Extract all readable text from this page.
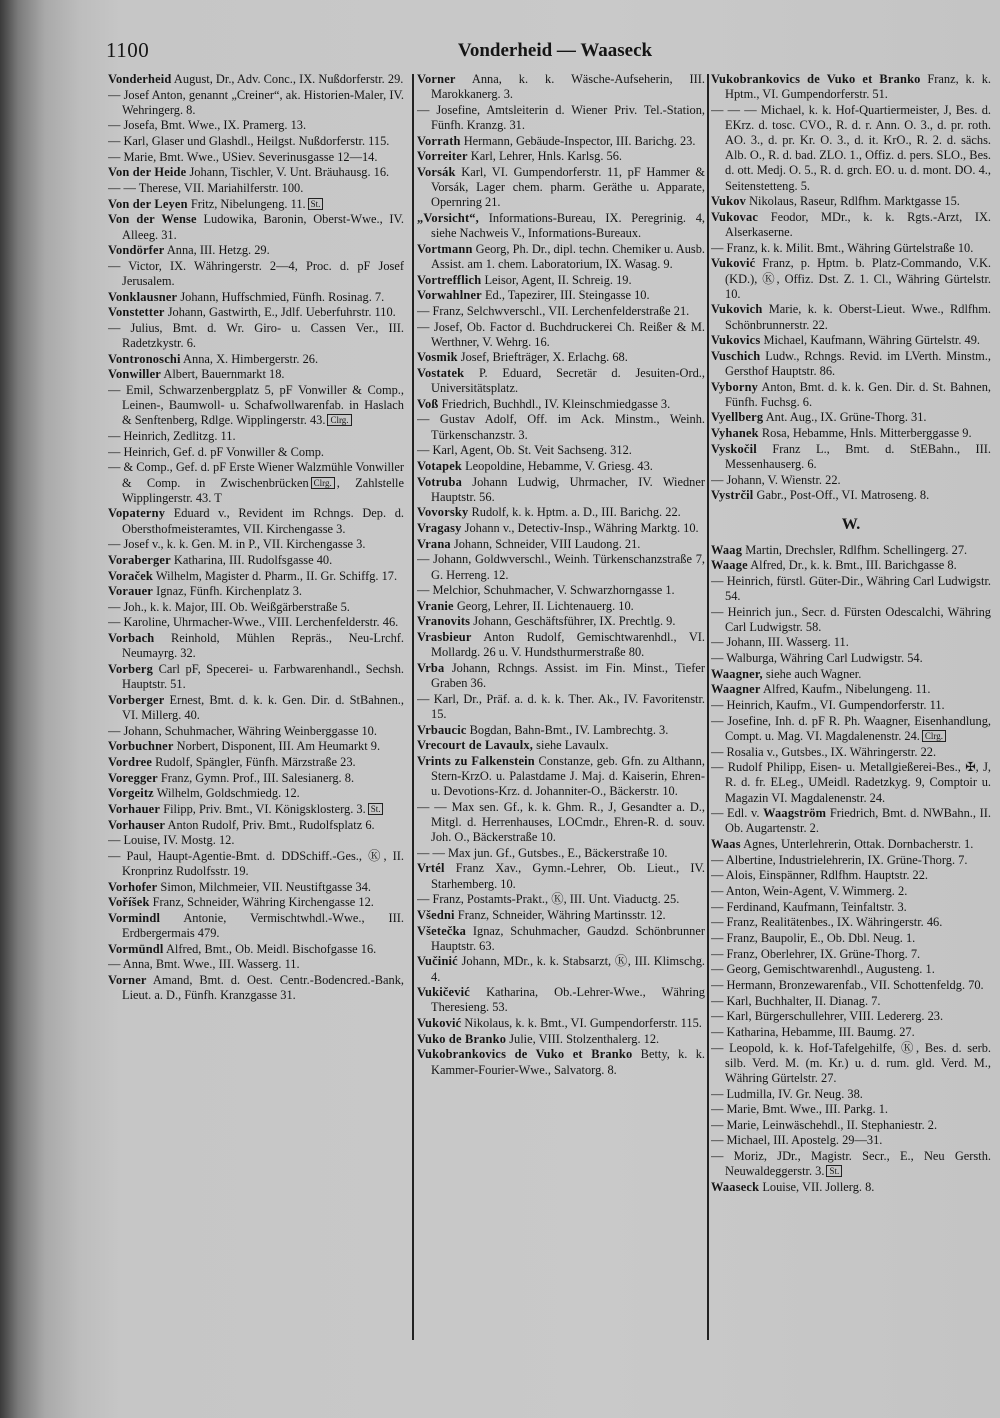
1100	Vonderheid — Waaseck
Vonderheid August, Dr., Adv. Conc., IX. Nußdorferstr. 29.
— Josef Anton, genannt „Creiner“, ak. Historien-Maler, IV. Wehringerg. 8.
— Josefa, Bmt. Wwe., IX. Pramerg. 13.
— Karl, Glaser und Glashdl., Heilgst. Nußdorferstr. 115.
— Marie, Bmt. Wwe., USiev. Severinusgasse 12—14.
Von der Heide Johann, Tischler, V. Unt. Bräuhausg. 16.
— — Therese, VII. Mariahilferstr. 100.
Von der Leyen Fritz, Nibelungeng. 11. St.
Von der Wense Ludowika, Baronin, Oberst-Wwe., IV. Alleeg. 31.
Vondörfer Anna, III. Hetzg. 29.
— Victor, IX. Währingerstr. 2—4, Proc. d. pF Josef Jerusalem.
Vonklausner Johann, Huffschmied, Fünfh. Rosinag. 7.
Vonstetter Johann, Gastwirth, E., Jdlf. Ueberfuhrstr. 110.
— Julius, Bmt. d. Wr. Giro- u. Cassen Ver., III. Radetzkystr. 6.
Vontronoschi Anna, X. Himbergerstr. 26.
Vonwiller Albert, Bauernmarkt 18.
— Emil, Schwarzenbergplatz 5, pF Vonwiller & Comp., Leinen-, Baumwoll- u. Schafwollwarenfab. in Haslach & Senftenberg, Rdlge. Wipplingerstr. 43. Clrg.
— Heinrich, Zedlitzg. 11.
— Heinrich, Gef. d. pF Vonwiller & Comp.
— & Comp., Gef. d. pF Erste Wiener Walzmühle Vonwiller & Comp. in Zwischenbrücken Clrg. , Zahlstelle Wipplingerstr. 43. T
Vopaterny Eduard v., Revident im Rchngs. Dep. d. Obersthofmeisteramtes, VII. Kirchengasse 3.
— Josef v., k. k. Gen. M. in P., VII. Kirchengasse 3.
Voraberger Katharina, III. Rudolfsgasse 40.
Voraček Wilhelm, Magister d. Pharm., II. Gr. Schiffg. 17.
Vorauer Ignaz, Fünfh. Kirchenplatz 3.
— Joh., k. k. Major, III. Ob. Weißgärberstraße 5.
— Karoline, Uhrmacher-Wwe., VIII. Lerchenfelderstr. 46.
Vorbach Reinhold, Mühlen Repräs., Neu-Lrchf. Neumayrg. 32.
Vorberg Carl pF, Specerei- u. Farbwarenhandl., Sechsh. Hauptstr. 51.
Vorberger Ernest, Bmt. d. k. k. Gen. Dir. d. StBahnen., VI. Millerg. 40.
— Johann, Schuhmacher, Währing Weinberggasse 10.
Vorbuchner Norbert, Disponent, III. Am Heumarkt 9.
Vordree Rudolf, Spängler, Fünfh. Märzstraße 23.
Voregger Franz, Gymn. Prof., III. Salesianerg. 8.
Vorgeitz Wilhelm, Goldschmiedg. 12.
Vorhauer Filipp, Priv. Bmt., VI. Königsklosterg. 3. St.
Vorhauser Anton Rudolf, Priv. Bmt., Rudolfsplatz 6.
— Louise, IV. Mostg. 12.
— Paul, Haupt-Agentie-Bmt. d. DDSchiff.-Ges., Ⓚ, II. Kronprinz Rudolfsstr. 19.
Vorhofer Simon, Milchmeier, VII. Neustiftgasse 34.
Voříšek Franz, Schneider, Währing Kirchengasse 12.
Vormindl Antonie, Vermischtwhdl.-Wwe., III. Erdbergermais 479.
Vormündl Alfred, Bmt., Ob. Meidl. Bischofgasse 16.
— Anna, Bmt. Wwe., III. Wasserg. 11.
Vorner Amand, Bmt. d. Oest. Centr.-Bodencred.-Bank, Lieut. a. D., Fünfh. Kranzgasse 31.
Vorner Anna, k. k. Wäsche-Aufseherin, III. Marokkanerg. 3.
— Josefine, Amtsleiterin d. Wiener Priv. Tel.-Station, Fünfh. Kranzg. 31.
Vorrath Hermann, Gebäude-Inspector, III. Barichg. 23.
Vorreiter Karl, Lehrer, Hnls. Karlsg. 56.
Vorsák Karl, VI. Gumpendorferstr. 11, pF Hammer & Vorsák, Lager chem. pharm. Geräthe u. Apparate, Opernring 21.
„Vorsicht“, Informations-Bureau, IX. Peregrinig. 4, siehe Nachweis V., Informations-Bureaux.
Vortmann Georg, Ph. Dr., dipl. techn. Chemiker u. Ausb. Assist. am 1. chem. Laboratorium, IX. Wasag. 9.
Vortrefflich Leisor, Agent, II. Schreig. 19.
Vorwahlner Ed., Tapezirer, III. Steingasse 10.
— Franz, Selchwverschl., VII. Lerchenfelderstraße 21.
— Josef, Ob. Factor d. Buchdruckerei Ch. Reißer & M. Werthner, V. Wehrg. 16.
Vosmik Josef, Briefträger, X. Erlachg. 68.
Vostatek P. Eduard, Secretär d. Jesuiten-Ord., Universitätsplatz.
Voß Friedrich, Buchhdl., IV. Kleinschmiedgasse 3.
— Gustav Adolf, Off. im Ack. Minstm., Weinh. Türkenschanzstr. 3.
— Karl, Agent, Ob. St. Veit Sachseng. 312.
Votapek Leopoldine, Hebamme, V. Griesg. 43.
Votruba Johann Ludwig, Uhrmacher, IV. Wiedner Hauptstr. 56.
Vovorsky Rudolf, k. k. Hptm. a. D., III. Barichg. 22.
Vragasy Johann v., Detectiv-Insp., Währing Marktg. 10.
Vrana Johann, Schneider, VIII Laudong. 21.
— Johann, Goldwverschl., Weinh. Türkenschanzstraße 7, G. Herreng. 12.
— Melchior, Schuhmacher, V. Schwarzhorngasse 1.
Vranie Georg, Lehrer, II. Lichtenauerg. 10.
Vranovits Johann, Geschäftsführer, IX. Prechtlg. 9.
Vrasbieur Anton Rudolf, Gemischtwarenhdl., VI. Mollardg. 26 u. V. Hundsthurmerstraße 80.
Vrba Johann, Rchngs. Assist. im Fin. Minst., Tiefer Graben 36.
— Karl, Dr., Präf. a. d. k. k. Ther. Ak., IV. Favoritenstr. 15.
Vrbaucic Bogdan, Bahn-Bmt., IV. Lambrechtg. 3.
Vrecourt de Lavaulx, siehe Lavaulx.
Vrints zu Falkenstein Constanze, geb. Gfn. zu Althann, Stern-KrzO. u. Palastdame J. Maj. d. Kaiserin, Ehren- u. Devotions-Krz. d. Johanniter-O., Bäckerstr. 10.
— — Max sen. Gf., k. k. Ghm. R., J, Gesandter a. D., Mitgl. d. Herrenhauses, LOCmdr., Ehren-R. d. souv. Joh. O., Bäckerstraße 10.
— — Max jun. Gf., Gutsbes., E., Bäckerstraße 10.
Vrtél Franz Xav., Gymn.-Lehrer, Ob. Lieut., IV. Starhemberg. 10.
— Franz, Postamts-Prakt., Ⓚ, III. Unt. Viaductg. 25.
Všedni Franz, Schneider, Währing Martinsstr. 12.
Všetečka Ignaz, Schuhmacher, Gaudzd. Schönbrunner Hauptstr. 63.
Vučinić Johann, MDr., k. k. Stabsarzt, Ⓚ, III. Klimschg. 4.
Vukičević Katharina, Ob.-Lehrer-Wwe., Währing Theresieng. 53.
Vuković Nikolaus, k. k. Bmt., VI. Gumpendorferstr. 115.
Vuko de Branko Julie, VIII. Stolzenthalerg. 12.
Vukobrankovics de Vuko et Branko Betty, k. k. Kammer-Fourier-Wwe., Salvatorg. 8.
Vukobrankovics de Vuko et Branko Franz, k. k. Hptm., VI. Gumpendorferstr. 51.
— — — Michael, k. k. Hof-Quartiermeister, J, Bes. d. EKrz. d. tosc. CVO., R. d. r. Ann. O. 3., d. pr. roth. AO. 3., d. pr. Kr. O. 3., d. it. KrO., R. 2. d. sächs. Alb. O., R. d. bad. ZLO. 1., Offiz. d. pers. SLO., Bes. d. ott. Medj. O. 5., R. d. grch. EO. u. d. mont. DO. 4., Seitenstetteng. 5.
Vukov Nikolaus, Raseur, Rdlfhm. Marktgasse 15.
Vukovac Feodor, MDr., k. k. Rgts.-Arzt, IX. Alserkaserne.
— Franz, k. k. Milit. Bmt., Währing Gürtelstraße 10.
Vuković Franz, p. Hptm. b. Platz-Commando, V.K. (KD.), Ⓚ, Offiz. Dst. Z. 1. Cl., Währing Gürtelstr. 10.
Vukovich Marie, k. k. Oberst-Lieut. Wwe., Rdlfhm. Schönbrunnerstr. 22.
Vukovics Michael, Kaufmann, Währing Gürtelstr. 49.
Vuschich Ludw., Rchngs. Revid. im LVerth. Minstm., Gersthof Hauptstr. 86.
Vyborny Anton, Bmt. d. k. k. Gen. Dir. d. St. Bahnen, Fünfh. Fuchsg. 6.
Vyellberg Ant. Aug., IX. Grüne-Thorg. 31.
Vyhanek Rosa, Hebamme, Hnls. Mitterberggasse 9.
Vyskočil Franz L., Bmt. d. StEBahn., III. Messenhauserg. 6.
— Johann, V. Wienstr. 22.
Vystrčil Gabr., Post-Off., VI. Matroseng. 8.
W.
Waag Martin, Drechsler, Rdlfhm. Schellingerg. 27.
Waage Alfred, Dr., k. k. Bmt., III. Barichgasse 8.
— Heinrich, fürstl. Güter-Dir., Währing Carl Ludwigstr. 54.
— Heinrich jun., Secr. d. Fürsten Odescalchi, Währing Carl Ludwigstr. 58.
— Johann, III. Wasserg. 11.
— Walburga, Währing Carl Ludwigstr. 54.
Waagner, siehe auch Wagner.
Waagner Alfred, Kaufm., Nibelungeng. 11.
— Heinrich, Kaufm., VI. Gumpendorferstr. 11.
— Josefine, Inh. d. pF R. Ph. Waagner, Eisenhandlung, Compt. u. Mag. VI. Magdalenenstr. 24. Clrg.
— Rosalia v., Gutsbes., IX. Währingerstr. 22.
— Rudolf Philipp, Eisen- u. Metallgießerei-Bes., ✠, J, R. d. fr. ELeg., UMeidl. Radetzkyg. 9, Comptoir u. Magazin VI. Magdalenenstr. 24.
— Edl. v. Waagström Friedrich, Bmt. d. NWBahn., II. Ob. Augartenstr. 2.
Waas Agnes, Unterlehrerin, Ottak. Dornbacherstr. 1.
— Albertine, Industrielehrerin, IX. Grüne-Thorg. 7.
— Alois, Einspänner, Rdlfhm. Hauptstr. 22.
— Anton, Wein-Agent, V. Wimmerg. 2.
— Ferdinand, Kaufmann, Teinfaltstr. 3.
— Franz, Realitätenbes., IX. Währingerstr. 46.
— Franz, Baupolir, E., Ob. Dbl. Neug. 1.
— Franz, Oberlehrer, IX. Grüne-Thorg. 7.
— Georg, Gemischtwarenhdl., Augusteng. 1.
— Hermann, Bronzewarenfab., VII. Schottenfeldg. 70.
— Karl, Buchhalter, II. Dianag. 7.
— Karl, Bürgerschullehrer, VIII. Ledererg. 23.
— Katharina, Hebamme, III. Baumg. 27.
— Leopold, k. k. Hof-Tafelgehilfe, Ⓚ, Bes. d. serb. silb. Verd. M. (m. Kr.) u. d. rum. gld. Verd. M., Währing Gürtelstr. 27.
— Ludmilla, IV. Gr. Neug. 38.
— Marie, Bmt. Wwe., III. Parkg. 1.
— Marie, Leinwäschehdl., II. Stephaniestr. 2.
— Michael, III. Apostelg. 29—31.
— Moriz, JDr., Magistr. Secr., E., Neu Gersth. Neuwaldeggerstr. 3. St.
Waaseck Louise, VII. Jollerg. 8.
